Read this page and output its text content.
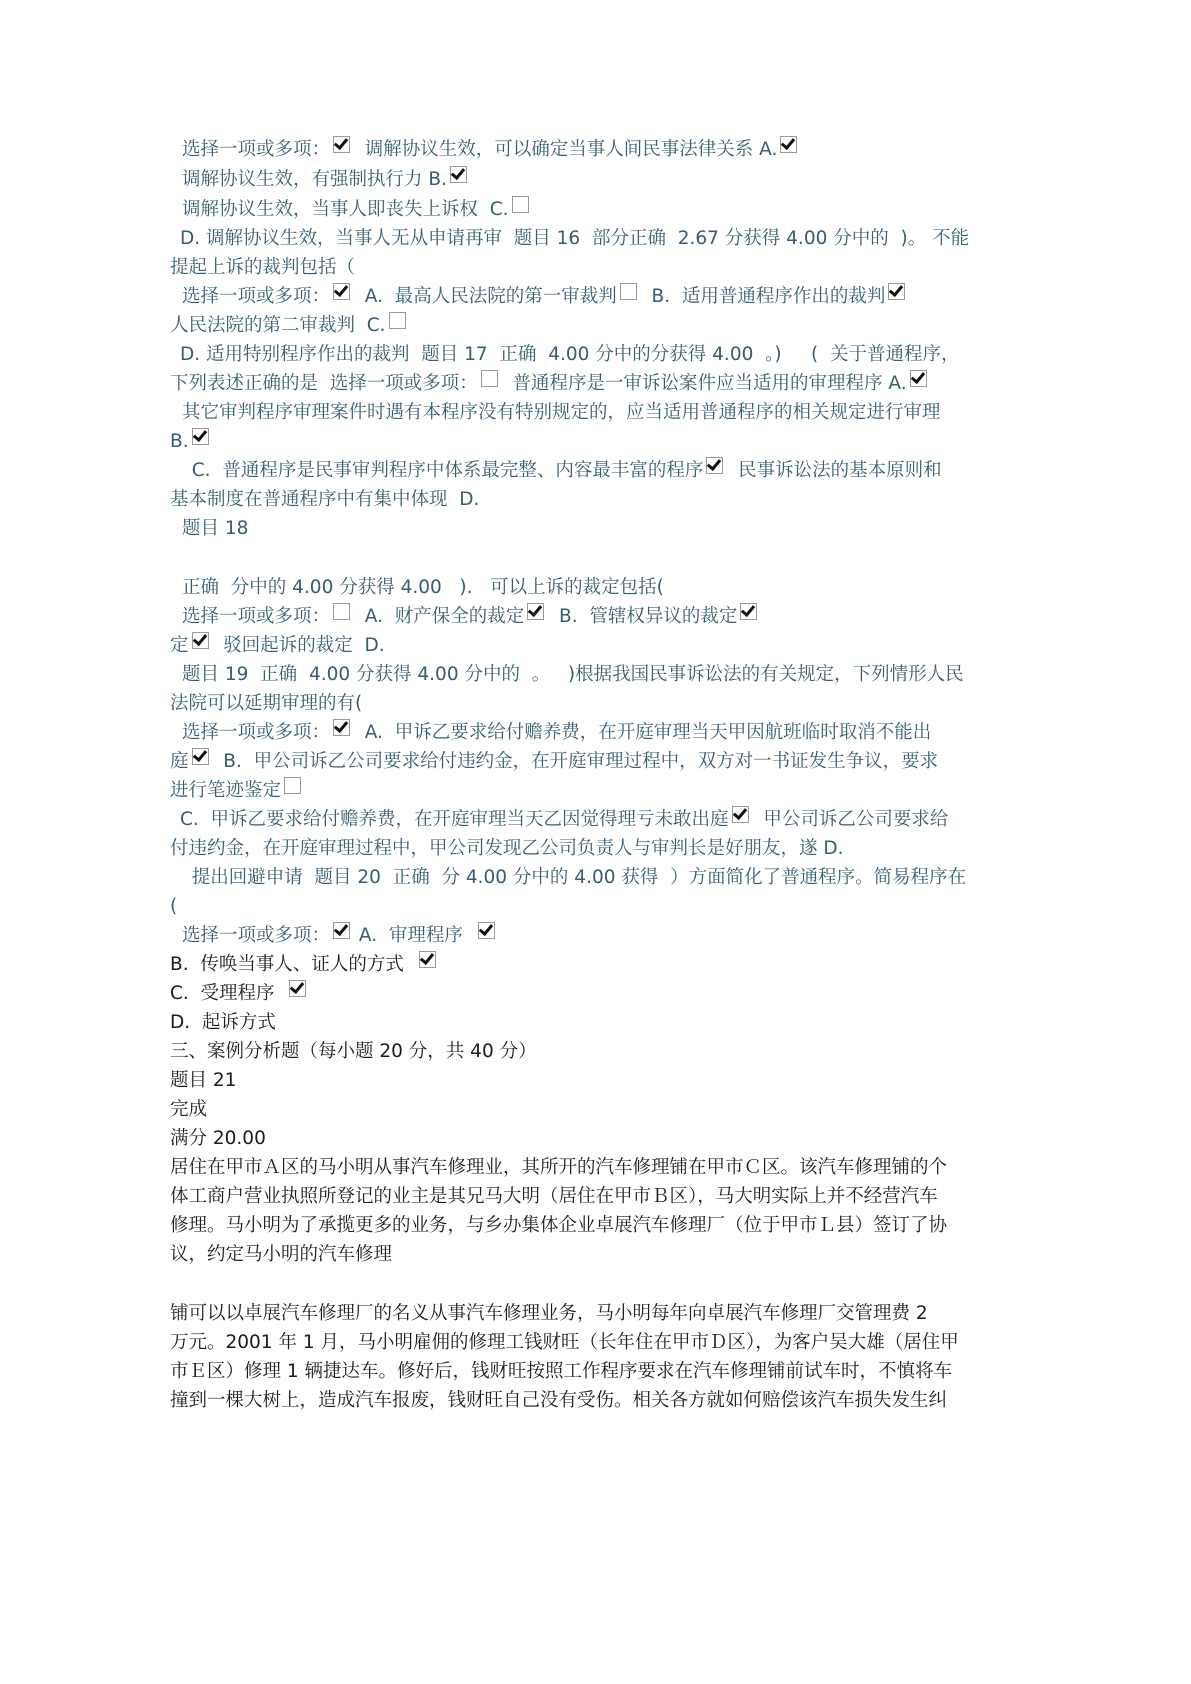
选择一项或多项：  调解协议生效，可以确定当事人间民事法律关系 A.
调解协议生效，有强制执行力 B.
调解协议生效，当事人即丧失上诉权  C.
D. 调解协议生效，当事人无从申请再审  题目 16  部分正确  2.67 分获得 4.00 分中的  )。 不能
提起上诉的裁判包括（
选择一项或多项：  A.  最高人民法院的第一审裁判  B.  适用普通程序作出的裁判
人民法院的第二审裁判  C.
D. 适用特别程序作出的裁判  题目 17  正确  4.00 分中的分获得 4.00  。)     (  关于普通程序，
下列表述正确的是  选择一项或多项：  普通程序是一审诉讼案件应当适用的审理程序 A.
其它审判程序审理案件时遇有本程序没有特别规定的，应当适用普通程序的相关规定进行审理
B.
C.  普通程序是民事审判程序中体系最完整、内容最丰富的程序  民事诉讼法的基本原则和
基本制度在普通程序中有集中体现  D.
题目 18
正确  分中的 4.00 分获得 4.00   ).   可以上诉的裁定包括(
选择一项或多项：  A.  财产保全的裁定  B.  管辖权异议的裁定
定  驳回起诉的裁定  D.
题目 19  正确  4.00 分获得 4.00 分中的  。   )根据我国民事诉讼法的有关规定，下列情形人民
法院可以延期审理的有(
选择一项或多项：  A.  甲诉乙要求给付赡养费，在开庭审理当天甲因航班临时取消不能出
庭  B.  甲公司诉乙公司要求给付违约金，在开庭审理过程中，双方对一书证发生争议，要求
进行笔迹鉴定
C.  甲诉乙要求给付赡养费，在开庭审理当天乙因觉得理亏未敢出庭  甲公司诉乙公司要求给
付违约金，在开庭审理过程中，甲公司发现乙公司负责人与审判长是好朋友，遂 D.
提出回避申请  题目 20  正确  分 4.00 分中的 4.00 获得  ）方面简化了普通程序。简易程序在
(
选择一项或多项： A.  审理程序
B.  传唤当事人、证人的方式
C.  受理程序
D.  起诉方式
三、案例分析题（每小题 20 分，共 40 分）
题目 21
完成
满分 20.00
居住在甲市Ａ区的马小明从事汽车修理业，其所开的汽车修理铺在甲市Ｃ区。该汽车修理铺的个
体工商户营业执照所登记的业主是其兄马大明（居住在甲市Ｂ区），马大明实际上并不经营汽车
修理。马小明为了承揽更多的业务，与乡办集体企业卓展汽车修理厂（位于甲市Ｌ县）签订了协
议，约定马小明的汽车修理
铺可以以卓展汽车修理厂的名义从事汽车修理业务，马小明每年向卓展汽车修理厂交管理费 2
万元。2001 年 1 月，马小明雇佣的修理工钱财旺（长年住在甲市Ｄ区），为客户吴大雄（居住甲
市Ｅ区）修理 1 辆捷达车。修好后，钱财旺按照工作程序要求在汽车修理铺前试车时，不慎将车
撞到一棵大树上，造成汽车报废，钱财旺自己没有受伤。相关各方就如何赔偿该汽车损失发生纠
